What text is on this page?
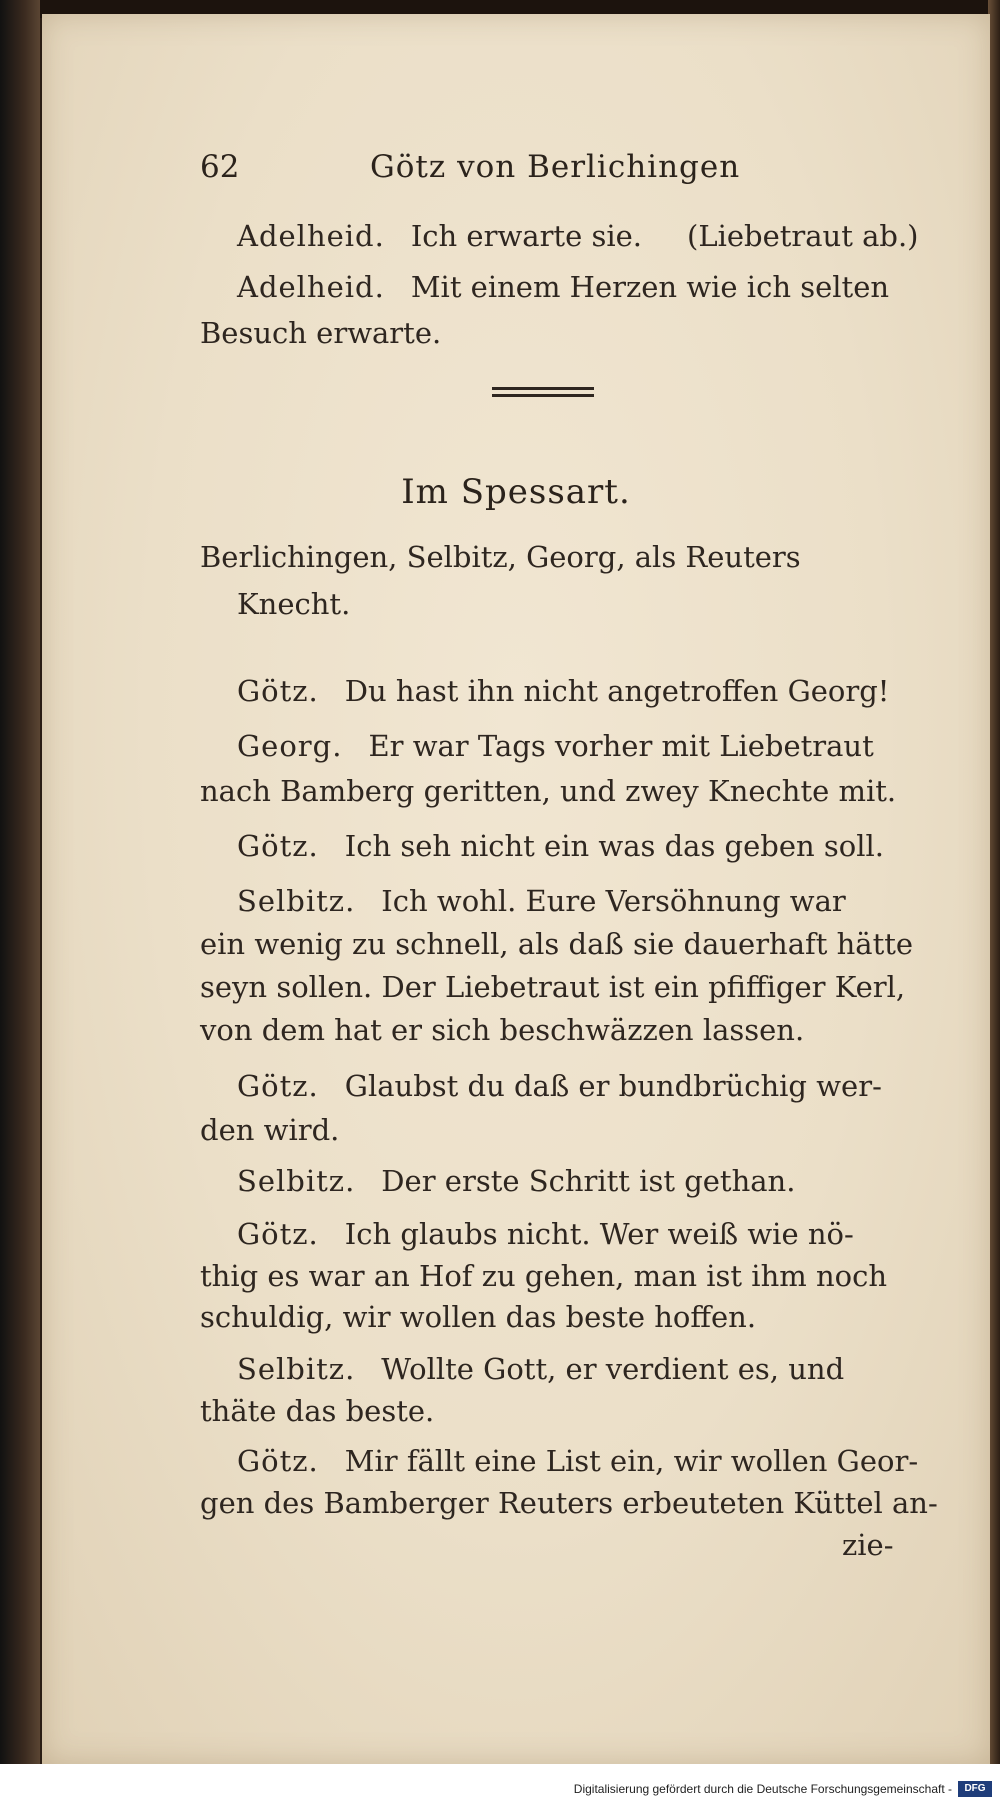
62	Götz von Berlichingen
Adelheid. Ich erwarte sie. (Liebetraut ab.)
Adelheid. Mit einem Herzen wie ich selten
Besuch erwarte.
Im Spessart.
Berlichingen, Selbitz, Georg, als Reuters
Knecht.
Götz. Du hast ihn nicht angetroffen Georg!
Georg. Er war Tags vorher mit Liebetraut
nach Bamberg geritten, und zwey Knechte mit.
Götz. Ich seh nicht ein was das geben soll.
Selbitz. Ich wohl. Eure Versöhnung war
ein wenig zu schnell, als daß sie dauerhaft hätte
seyn sollen. Der Liebetraut ist ein pfiffiger Kerl,
von dem hat er sich beschwäzzen lassen.
Götz. Glaubst du daß er bundbrüchig wer-
den wird.
Selbitz. Der erste Schritt ist gethan.
Götz. Ich glaubs nicht. Wer weiß wie nö-
thig es war an Hof zu gehen, man ist ihm noch
schuldig, wir wollen das beste hoffen.
Selbitz. Wollte Gott, er verdient es, und
thäte das beste.
Götz. Mir fällt eine List ein, wir wollen Geor-
gen des Bamberger Reuters erbeuteten Küttel an-
zie-
Digitalisierung gefördert durch die Deutsche Forschungsgemeinschaft -	DFG
